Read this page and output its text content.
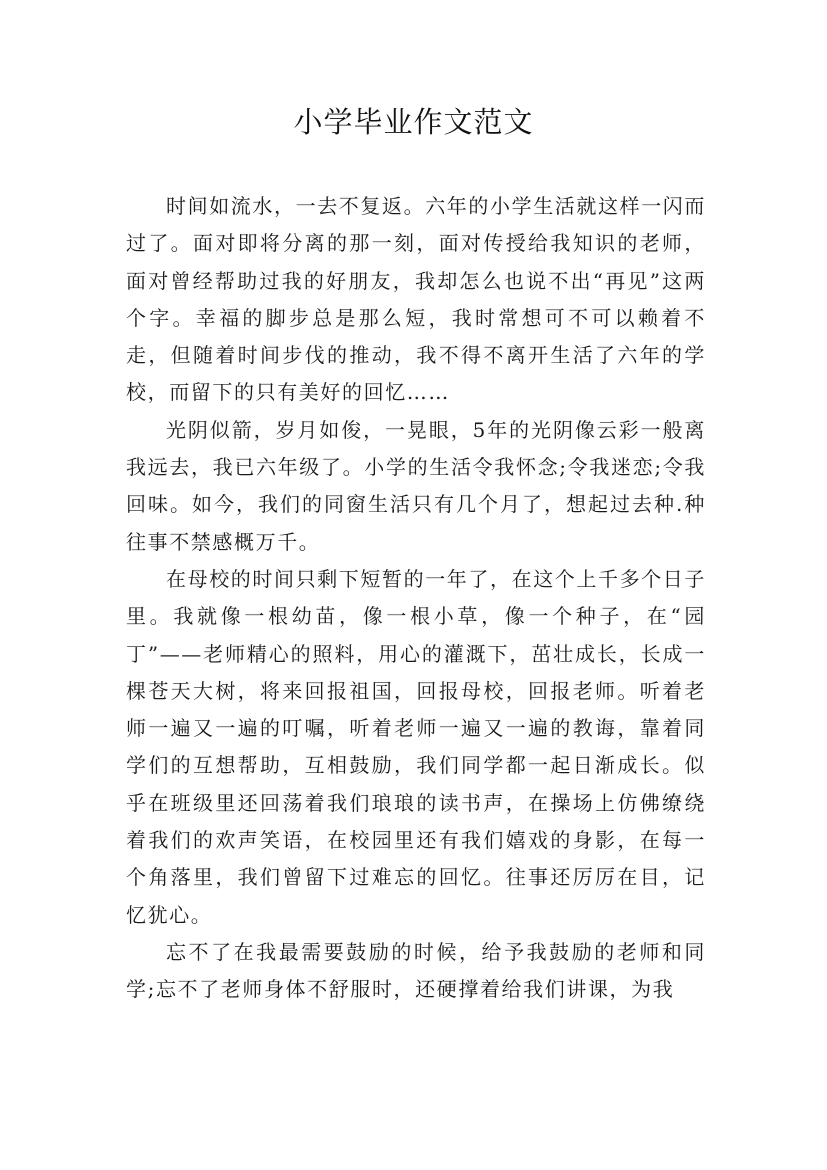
小学毕业作文范文

时间如流水，一去不复返。六年的小学生活就这样一闪而过了。面对即将分离的那一刻，面对传授给我知识的老师，面对曾经帮助过我的好朋友，我却怎么也说不出“再见”这两个字。幸福的脚步总是那么短，我时常想可不可以赖着不走，但随着时间步伐的推动，我不得不离开生活了六年的学校，而留下的只有美好的回忆……

光阴似箭，岁月如俊，一晃眼，5年的光阴像云彩一般离我远去，我已六年级了。小学的生活令我怀念;令我迷恋;令我回味。如今，我们的同窗生活只有几个月了，想起过去种.种往事不禁感概万千。

在母校的时间只剩下短暂的一年了，在这个上千多个日子里。我就像一根幼苗，像一根小草，像一个种子，在“园丁”——老师精心的照料，用心的灌溉下，茁壮成长，长成一棵苍天大树，将来回报祖国，回报母校，回报老师。听着老师一遍又一遍的叮嘱，听着老师一遍又一遍的教诲，靠着同学们的互想帮助，互相鼓励，我们同学都一起日渐成长。似乎在班级里还回荡着我们琅琅的读书声，在操场上仿佛缭绕着我们的欢声笑语，在校园里还有我们嬉戏的身影，在每一个角落里，我们曾留下过难忘的回忆。往事还厉厉在目，记忆犹心。

忘不了在我最需要鼓励的时候，给予我鼓励的老师和同学;忘不了老师身体不舒服时，还硬撑着给我们讲课，为我
